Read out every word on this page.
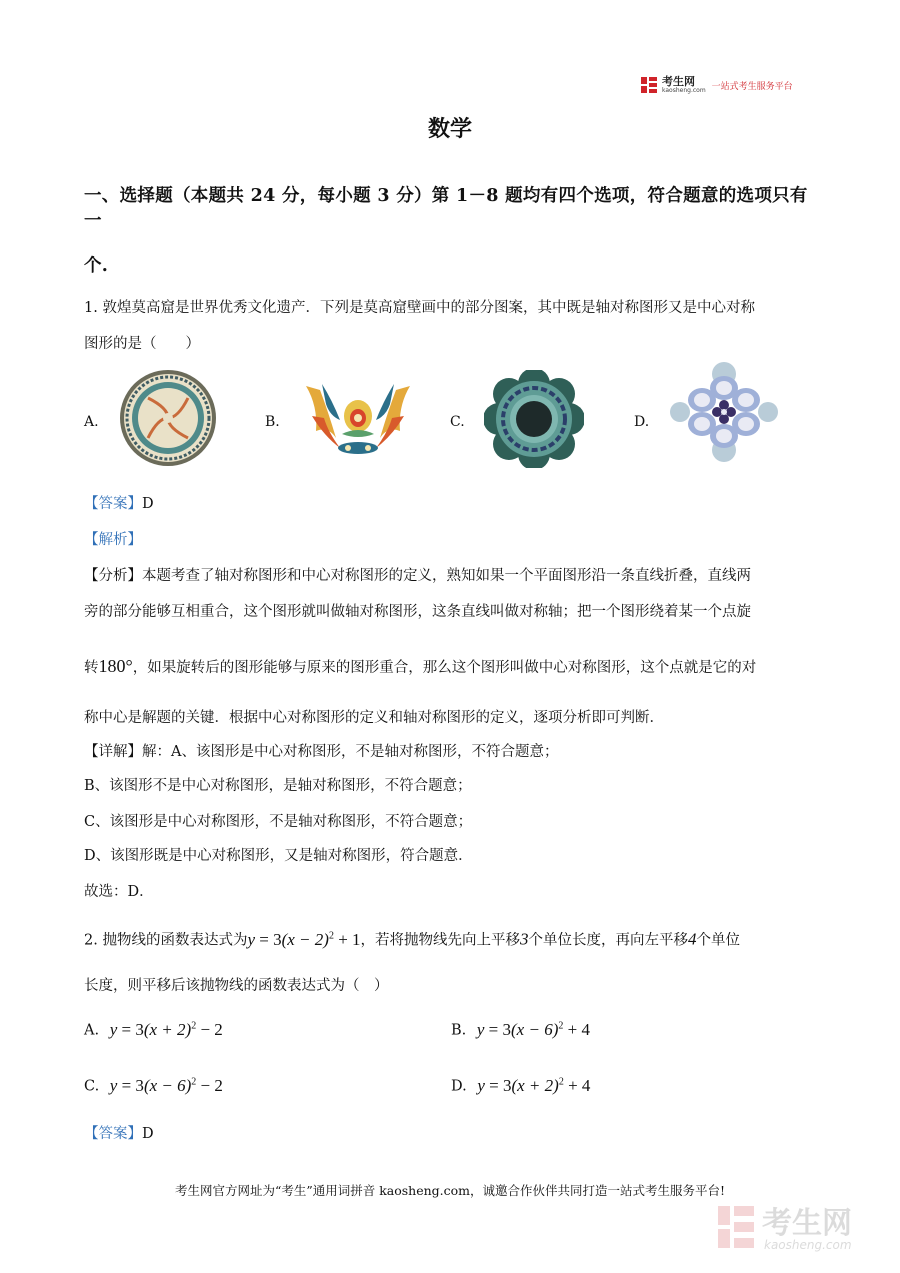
考生网
kaosheng.com 一站式考生服务平台
数学
一、选择题（本题共 24 分，每小题 3 分）第 1－8 题均有四个选项，符合题意的选项只有一
个.
1. 敦煌莫高窟是世界优秀文化遗产．下列是莫高窟壁画中的部分图案，其中既是轴对称图形又是中心对称
图形的是（　　）
A.	B.	C.	D.
【答案】D
【解析】
【分析】本题考查了轴对称图形和中心对称图形的定义，熟知如果一个平面图形沿一条直线折叠，直线两
旁的部分能够互相重合，这个图形就叫做轴对称图形，这条直线叫做对称轴；把一个图形绕着某一个点旋
转180°，如果旋转后的图形能够与原来的图形重合，那么这个图形叫做中心对称图形，这个点就是它的对
称中心是解题的关键．根据中心对称图形的定义和轴对称图形的定义，逐项分析即可判断．
【详解】解：A、该图形是中心对称图形，不是轴对称图形，不符合题意；
B、该图形不是中心对称图形，是轴对称图形，不符合题意；
C、该图形是中心对称图形，不是轴对称图形，不符合题意；
D、该图形既是中心对称图形，又是轴对称图形，符合题意．
故选：D．
2. 抛物线的函数表达式为$y = 3(x - 2)^2 + 1$，若将抛物线先向上平移3个单位长度，再向左平移4个单位
长度，则平移后该抛物线的函数表达式为（　）
A. $y = 3(x + 2)^2 - 2$	B. $y = 3(x - 6)^2 + 4$
C. $y = 3(x - 6)^2 - 2$	D. $y = 3(x + 2)^2 + 4$
【答案】D
考生网官方网址为“考生”通用词拼音 kaosheng.com，诚邀合作伙伴共同打造一站式考生服务平台!
考生网
kaosheng.com
